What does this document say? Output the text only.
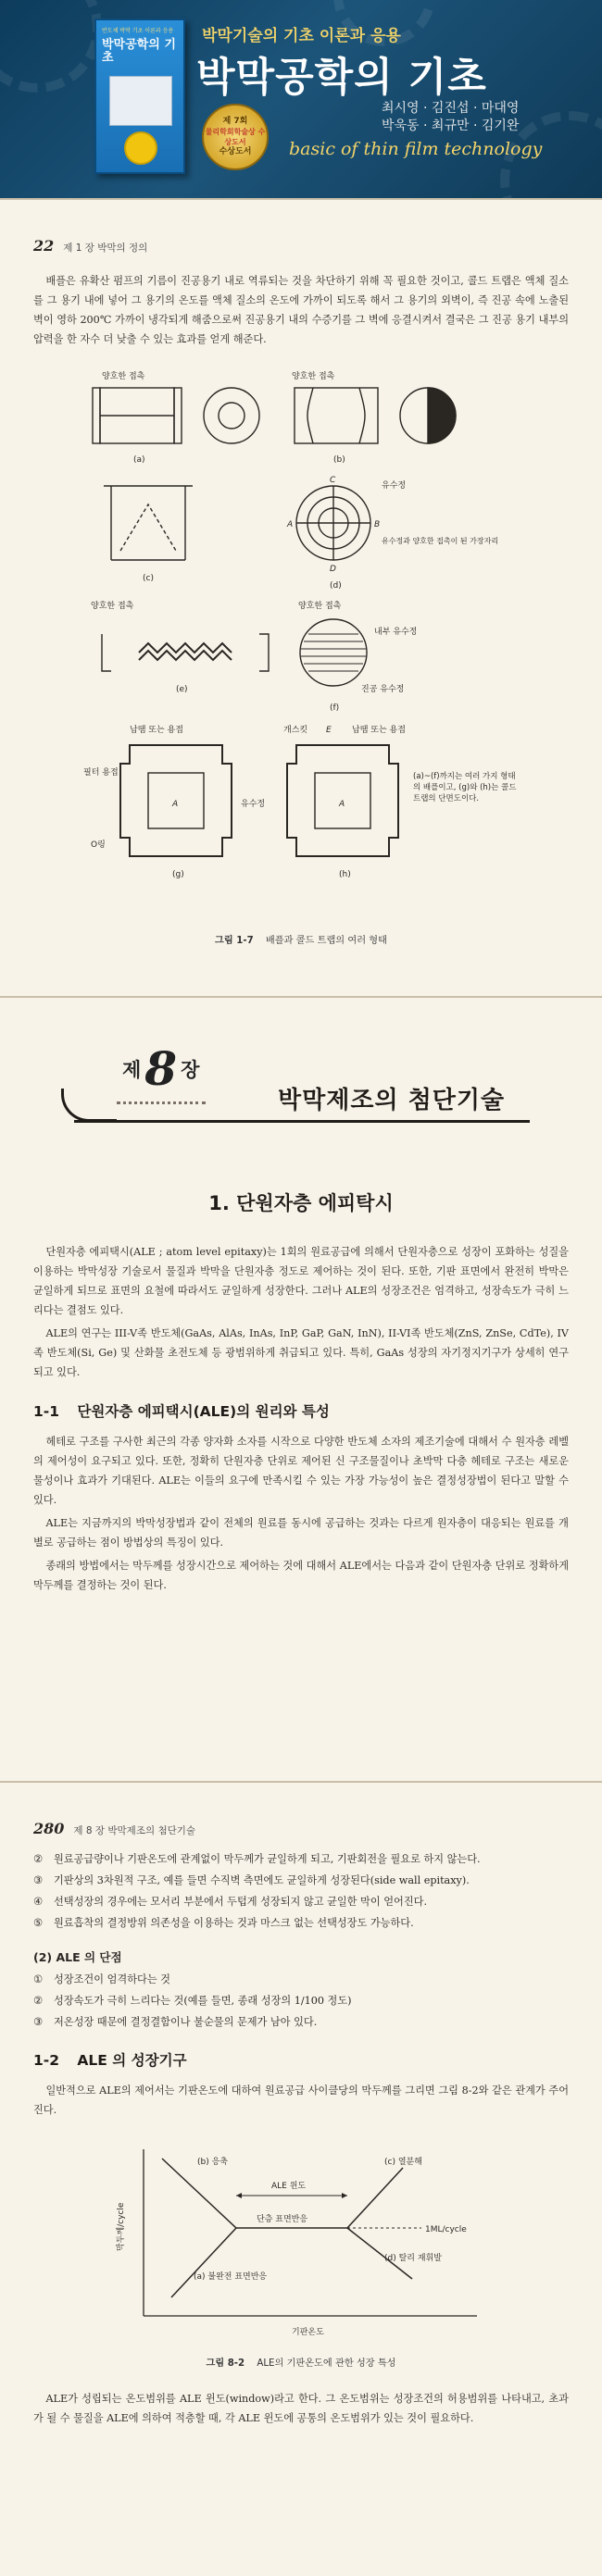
반도체 박막 기초 이론과 응용
박막공학의 기초
박막기술의 기초 이론과 응용
박막공학의 기초
제 7회
물리학회학술상 수상도서
수상도서
최시영 · 김진섭 · 마대영
박욱동 · 최규만 · 김기완
basic of thin film technology
22 제 1 장 박막의 정의

배플은 유확산 펌프의 기름이 진공용기 내로 역류되는 것을 차단하기 위해 꼭 필요한 것이고, 콜드 트랩은 액체 질소를 그 용기 내에 넣어 그 용기의 온도를 액체 질소의 온도에 가까이 되도록 해서 그 용기의 외벽이, 즉 진공 속에 노출된 벽이 영하 200℃ 가까이 냉각되게 해줌으로써 진공용기 내의 수증기를 그 벽에 응결시켜서 결국은 그 진공 용기 내부의 압력을 한 자수 더 낮출 수 있는 효과를 얻게 해준다.

양호한 접촉
(a)
양호한 접촉
(b)
(c)
C
A	B
D
유수정
유수정과 양호한 접촉이 된 가장자리
(d)
양호한 접촉
(e)
양호한 접촉
내부 유수정
진공 유수정
(f)
납땜 또는 용접
A
필터 용접
O링
유수정
(g)
개스킷 E 납땜 또는 용접
A
(a)~(f)까지는 여러 가지 형태의 배플이고, (g)와 (h)는 콜드 트랩의 단면도이다.
(h)
그림 1-7 배플과 콜드 트랩의 여러 형태
제 8 장
박막제조의 첨단기술
1. 단원자층 에피탁시

단원자층 에피택시(ALE ; atom level epitaxy)는 1회의 원료공급에 의해서 단원자층으로 성장이 포화하는 성질을 이용하는 박막성장 기술로서 물질과 박막을 단원자층 정도로 제어하는 것이 된다. 또한, 기판 표면에서 완전히 박막은 균일하게 되므로 표면의 요철에 따라서도 균일하게 성장한다. 그러나 ALE의 성장조건은 엄격하고, 성장속도가 극히 느리다는 결점도 있다.

ALE의 연구는 III-V족 반도체(GaAs, AlAs, InAs, InP, GaP, GaN, InN), II-VI족 반도체(ZnS, ZnSe, CdTe), IV족 반도체(Si, Ge) 및 산화물 초전도체 등 광범위하게 취급되고 있다. 특히, GaAs 성장의 자기정지기구가 상세히 연구되고 있다.

1-1 단원자층 에피택시(ALE)의 원리와 특성

헤테로 구조를 구사한 최근의 각종 양자화 소자를 시작으로 다양한 반도체 소자의 제조기술에 대해서 수 원자층 레벨의 제어성이 요구되고 있다. 또한, 정확히 단원자층 단위로 제어된 신 구조물질이나 초박막 다층 헤테로 구조는 새로운 물성이나 효과가 기대된다. ALE는 이들의 요구에 만족시킬 수 있는 가장 가능성이 높은 결정성장법이 된다고 말할 수 있다.

ALE는 지금까지의 박막성장법과 같이 전체의 원료를 동시에 공급하는 것과는 다르게 원자층이 대응되는 원료를 개별로 공급하는 점이 방법상의 특징이 있다.

종래의 방법에서는 막두께를 성장시간으로 제어하는 것에 대해서 ALE에서는 다음과 같이 단원자층 단위로 정확하게 막두께를 결정하는 것이 된다.

280 제 8 장 박막제조의 첨단기술
② 원료공급량이나 기판온도에 관계없이 막두께가 균일하게 되고, 기판회전을 필요로 하지 않는다.
③ 기판상의 3차원적 구조, 예를 들면 수직벽 측면에도 균일하게 성장된다(side wall epitaxy).
④ 선택성장의 경우에는 모서리 부분에서 두텁게 성장되지 않고 균일한 막이 얻어진다.
⑤ 원료흡착의 결정방위 의존성을 이용하는 것과 마스크 없는 선택성장도 가능하다.
(2) ALE 의 단점
① 성장조건이 엄격하다는 것
② 성장속도가 극히 느리다는 것(예를 들면, 종래 성장의 1/100 정도)
③ 저온성장 때문에 결정결함이나 불순물의 문제가 남아 있다.
1-2 ALE 의 성장기구

일반적으로 ALE의 제어서는 기판온도에 대하여 원료공급 사이클당의 막두께를 그리면 그림 8-2와 같은 관계가 주어진다.

막두께/cycle
기판온도
(b) 응축	(c) 열분해
ALE 윈도
단층 표면반응
1ML/cycle
(a) 불완전 표면반응
(d) 탈리 재휘발
그림 8-2 ALE의 기판온도에 관한 성장 특성

ALE가 성립되는 온도범위를 ALE 윈도(window)라고 한다. 그 온도범위는 성장조건의 허용범위를 나타내고, 초과가 될 수 물질을 ALE에 의하여 적층할 때, 각 ALE 윈도에 공통의 온도범위가 있는 것이 필요하다.
